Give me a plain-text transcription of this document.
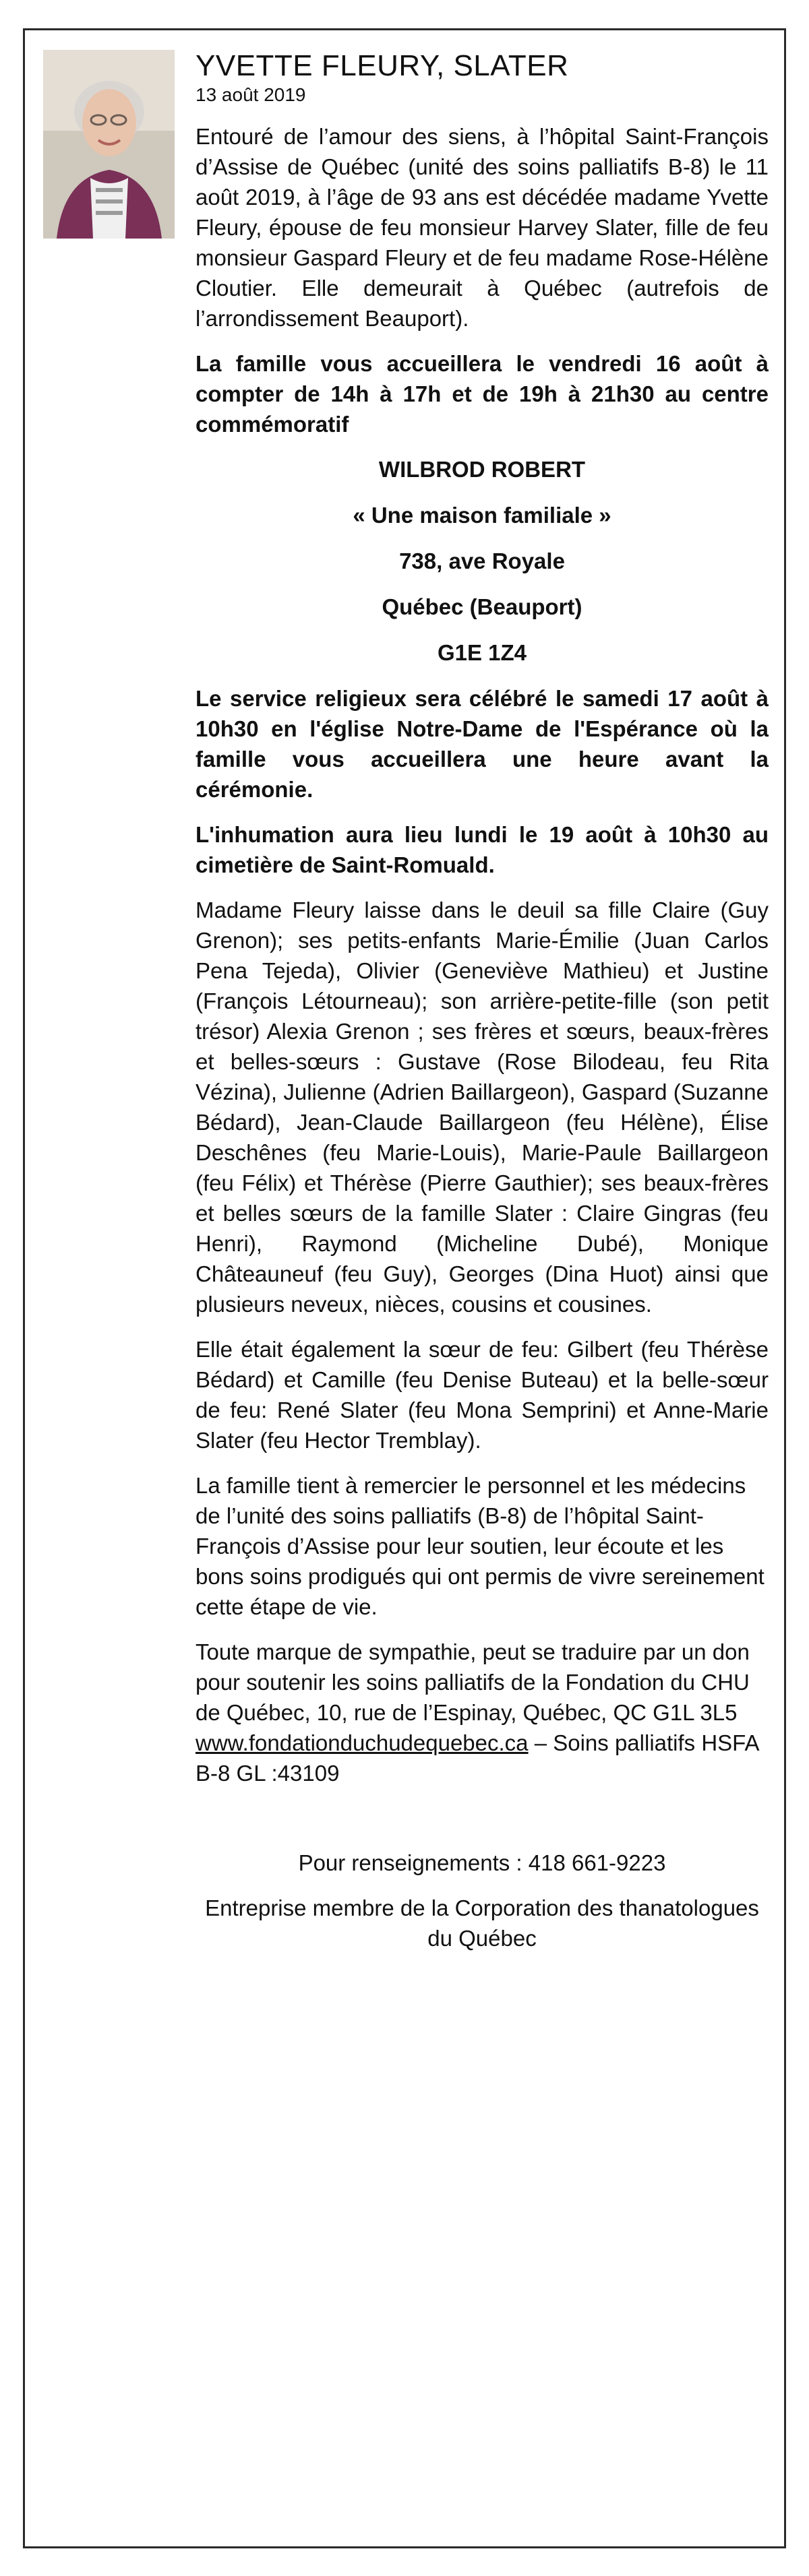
YVETTE FLEURY, SLATER
13 août 2019

Entouré de l’amour des siens, à l’hôpital Saint-François d’Assise de Québec (unité des soins palliatifs B-8) le 11 août 2019, à l’âge de 93 ans est décédée madame Yvette Fleury, épouse de feu monsieur Harvey Slater, fille de feu monsieur Gaspard Fleury et de feu madame Rose-Hélène Cloutier. Elle demeurait à Québec (autrefois de l’arrondissement Beauport).

La famille vous accueillera le vendredi 16 août à compter de 14h à 17h et de 19h à 21h30 au centre commémoratif

WILBROD ROBERT

« Une maison familiale »

738, ave Royale

Québec (Beauport)

G1E 1Z4

Le service religieux sera célébré le samedi 17 août à 10h30 en l'église Notre-Dame de l'Espérance où la famille vous accueillera une heure avant la cérémonie.

L'inhumation aura lieu lundi le 19 août à 10h30 au cimetière de Saint-Romuald.

Madame Fleury laisse dans le deuil sa fille Claire (Guy Grenon); ses petits-enfants Marie-Émilie (Juan Carlos Pena Tejeda), Olivier (Geneviève Mathieu) et Justine (François Létourneau); son arrière-petite-fille (son petit trésor) Alexia Grenon ; ses frères et sœurs, beaux-frères et belles-sœurs : Gustave (Rose Bilodeau, feu Rita Vézina), Julienne (Adrien Baillargeon), Gaspard (Suzanne Bédard), Jean-Claude Baillargeon (feu Hélène), Élise Deschênes (feu Marie-Louis), Marie-Paule Baillargeon (feu Félix) et Thérèse (Pierre Gauthier); ses beaux-frères et belles sœurs de la famille Slater : Claire Gingras (feu Henri), Raymond (Micheline Dubé), Monique Châteauneuf (feu Guy), Georges (Dina Huot) ainsi que plusieurs neveux, nièces, cousins et cousines.

Elle était également la sœur de feu: Gilbert (feu Thérèse Bédard) et Camille (feu Denise Buteau) et la belle-sœur de feu: René Slater (feu Mona Semprini) et Anne-Marie Slater (feu Hector Tremblay).

La famille tient à remercier le personnel et les médecins de l’unité des soins palliatifs (B-8) de l’hôpital Saint-François d’Assise pour leur soutien, leur écoute et les bons soins prodigués qui ont permis de vivre sereinement cette étape de vie.

Toute marque de sympathie, peut se traduire par un don pour soutenir les soins palliatifs de la Fondation du CHU de Québec, 10, rue de l’Espinay, Québec, QC G1L 3L5 www.fondationduchudequebec.ca – Soins palliatifs HSFA B-8 GL :43109

Pour renseignements : 418 661-9223

Entreprise membre de la Corporation des thanatologues du Québec
